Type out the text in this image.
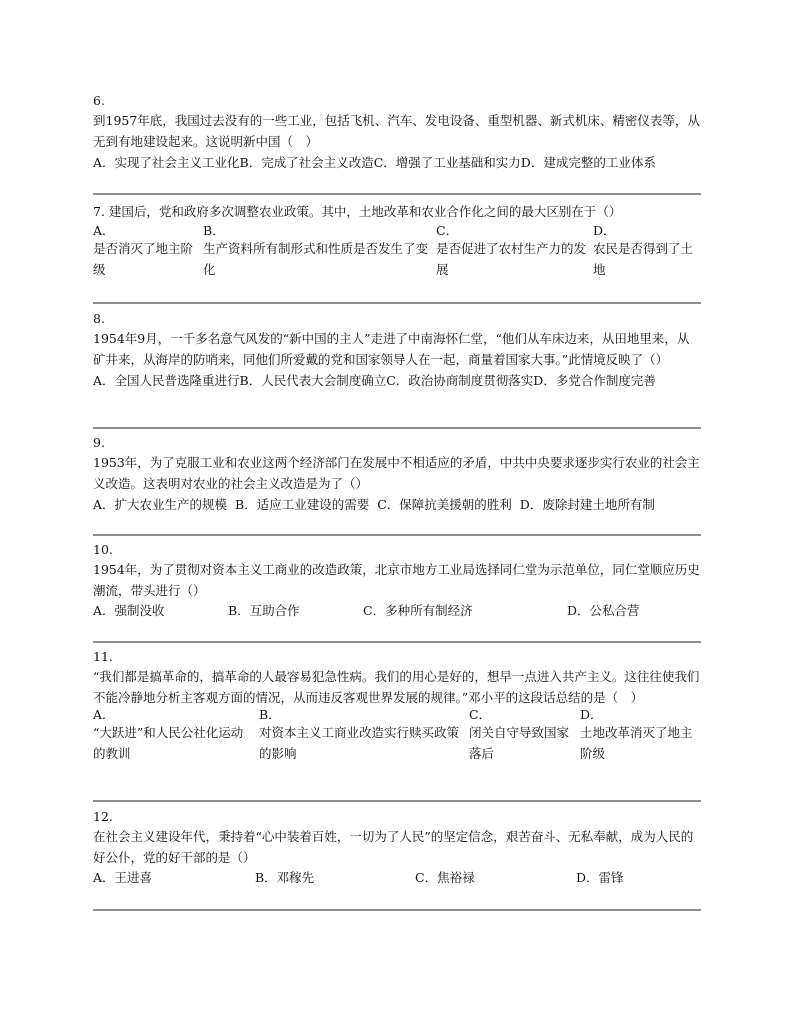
6.
到1957年底，我国过去没有的一些工业，包括飞机、汽车、发电设备、重型机器、新式机床、精密仪表等，从无到有地建设起来。这说明新中国（　）
A．实现了社会主义工业化B．完成了社会主义改造C．增强了工业基础和实力D．建成完整的工业体系
7. 建国后，党和政府多次调整农业政策。其中，土地改革和农业合作化之间的最大区别在于（）
A．
是否消灭了地主阶级
B．
生产资料所有制形式和性质是否发生了变化
C．
是否促进了农村生产力的发展
D．
农民是否得到了土地
8.
1954年9月，一千多名意气风发的“新中国的主人”走进了中南海怀仁堂，“他们从车床边来，从田地里来，从矿井来，从海岸的防哨来，同他们所爱戴的党和国家领导人在一起，商量着国家大事。”此情境反映了（）
A．全国人民普选隆重进行B．人民代表大会制度确立C．政治协商制度贯彻落实D．多党合作制度完善
9.
1953年，为了克服工业和农业这两个经济部门在发展中不相适应的矛盾，中共中央要求逐步实行农业的社会主义改造。这表明对农业的社会主义改造是为了（）
A．扩大农业生产的规模 B．适应工业建设的需要 C．保障抗美援朝的胜利 D．废除封建土地所有制
10.
1954年，为了贯彻对资本主义工商业的改造政策，北京市地方工业局选择同仁堂为示范单位，同仁堂顺应历史潮流，带头进行（）
A．强制没收	B．互助合作	C．多种所有制经济	D．公私合营
11.
“我们都是搞革命的，搞革命的人最容易犯急性病。我们的用心是好的，想早一点进入共产主义。这往往使我们不能冷静地分析主客观方面的情况，从而违反客观世界发展的规律。”邓小平的这段话总结的是（　）
A．
“大跃进”和人民公社化运动的教训
B．
对资本主义工商业改造实行赎买政策的影响
C．
闭关自守导致国家落后
D．
土地改革消灭了地主阶级
12.
在社会主义建设年代，秉持着“心中装着百姓，一切为了人民”的坚定信念，艰苦奋斗、无私奉献，成为人民的好公仆，党的好干部的是（）
A．王进喜	B．邓稼先	C．焦裕禄	D．雷锋
